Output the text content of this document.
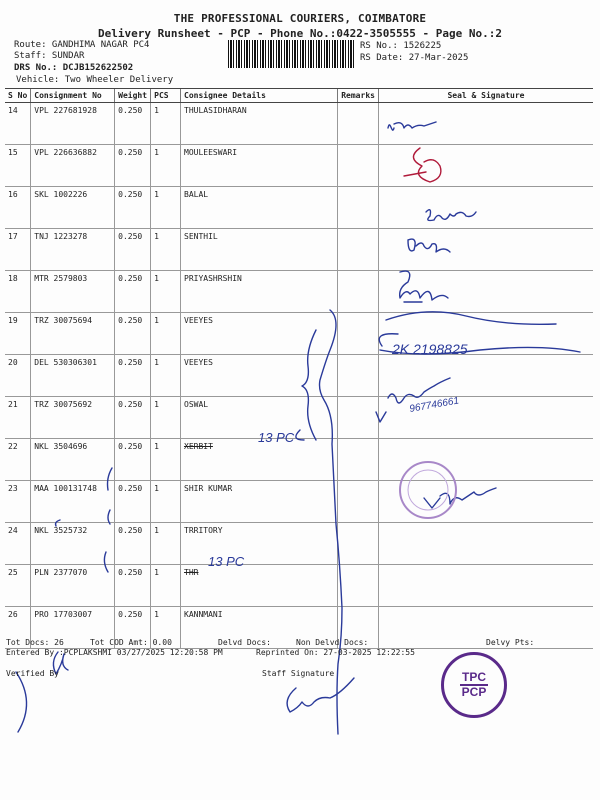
THE PROFESSIONAL COURIERS, COIMBATORE
Delivery Runsheet - PCP - Phone No.:0422-3505555 - Page No.:2
Route: GANDHIMA NAGAR PC4
Staff: SUNDAR
DRS No.: DCJB152622502
Vehicle: Two Wheeler Delivery
RS No.: 1526225
RS Date: 27-Mar-2025
S No	Consignment No	Weight	PCS	Consignee Details	Remarks	Seal & Signature
14	VPL 227681928	0.250	1	THULASIDHARAN		
15	VPL 226636882	0.250	1	MOULEESWARI		
16	SKL 1002226	0.250	1	BALAL		
17	TNJ 1223278	0.250	1	SENTHIL		
18	MTR 2579803	0.250	1	PRIYASHRSHIN		
19	TRZ 30075694	0.250	1	VEEYES		
20	DEL 530306301	0.250	1	VEEYES		
21	TRZ 30075692	0.250	1	OSWAL		
22	NKL 3504696	0.250	1	XERBIT		
23	MAA 100131748	0.250	1	SHIR KUMAR		
24	NKL 3525732	0.250	1	TRRITORY		
25	PLN 2377070	0.250	1	THR		
26	PRO 17703007	0.250	1	KANNMANI		
13 PC
13 PC
2K 2198825
967746661
Tot Docs: 26	Tot COD Amt: 0.00	Delvd Docs:	Non Delvd Docs:	Delvy Pts:
Entered By :PCPLAKSHMI 03/27/2025 12:20:58 PM	Reprinted On: 27-03-2025 12:22:55
Verified By	Staff Signature	TPC
PCP
